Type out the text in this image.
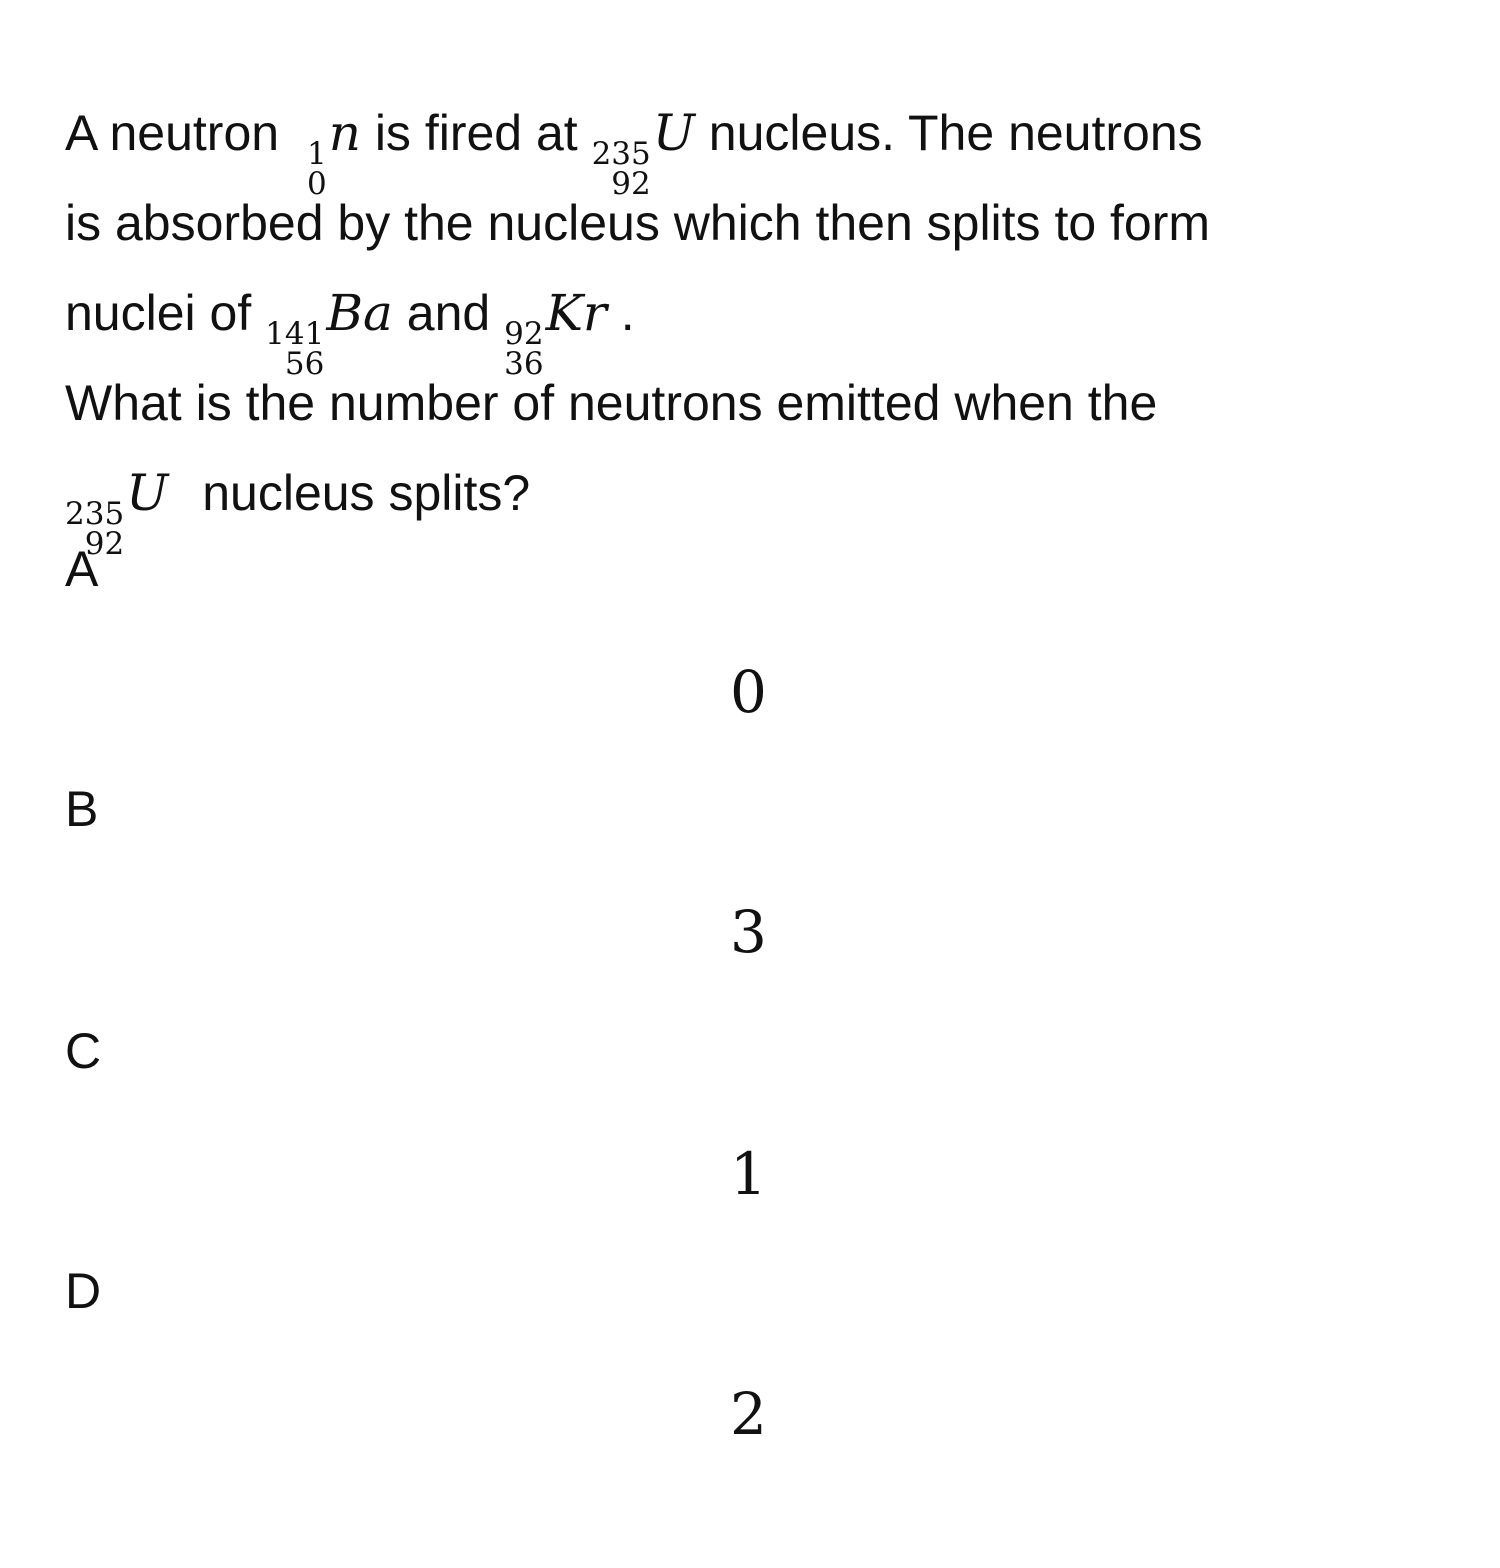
A neutron 1
0
n is fired at 235
92
U nucleus. The neutrons
is absorbed by the nucleus which then splits to form
nuclei of 141
56
Ba and 92
36
Kr .
What is the number of neutrons emitted when the
235
92
U nucleus splits?
A
0
B
3
C
1
D
2
